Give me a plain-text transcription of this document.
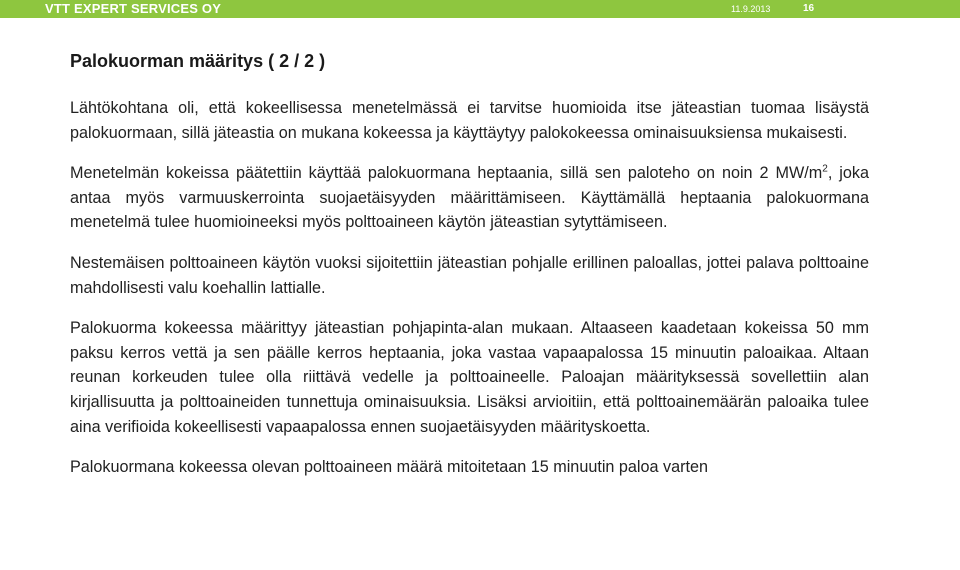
VTT EXPERT SERVICES OY	11.9.2013	16
Palokuorman määritys ( 2 / 2 )

Lähtökohtana oli, että kokeellisessa menetelmässä ei tarvitse huomioida itse jäteastian tuomaa lisäystä palokuormaan, sillä jäteastia on mukana kokeessa ja käyttäytyy palokokeessa ominaisuuksiensa mukaisesti.

Menetelmän kokeissa päätettiin käyttää palokuormana heptaania, sillä sen paloteho on noin 2 $MW/m^2$, joka antaa myös varmuuskerrointa suojaetäisyyden määrittämiseen. Käyttämällä heptaania palokuormana menetelmä tulee huomioineeksi myös polttoaineen käytön jäteastian sytyttämiseen.

Nestemäisen polttoaineen käytön vuoksi sijoitettiin jäteastian pohjalle erillinen paloallas, jottei palava polttoaine mahdollisesti valu koehallin lattialle.

Palokuorma kokeessa määrittyy jäteastian pohjapinta-alan mukaan. Altaaseen kaadetaan kokeissa 50 mm paksu kerros vettä ja sen päälle kerros heptaania, joka vastaa vapaapalossa 15 minuutin paloaikaa. Altaan reunan korkeuden tulee olla riittävä vedelle ja polttoaineelle. Paloajan määrityksessä sovellettiin alan kirjallisuutta ja polttoaineiden tunnettuja ominaisuuksia. Lisäksi arvioitiin, että polttoainemäärän paloaika tulee aina verifioida kokeellisesti vapaapalossa ennen suojaetäisyyden määrityskoetta.

Palokuormana kokeessa olevan polttoaineen määrä mitoitetaan 15 minuutin paloa varten
